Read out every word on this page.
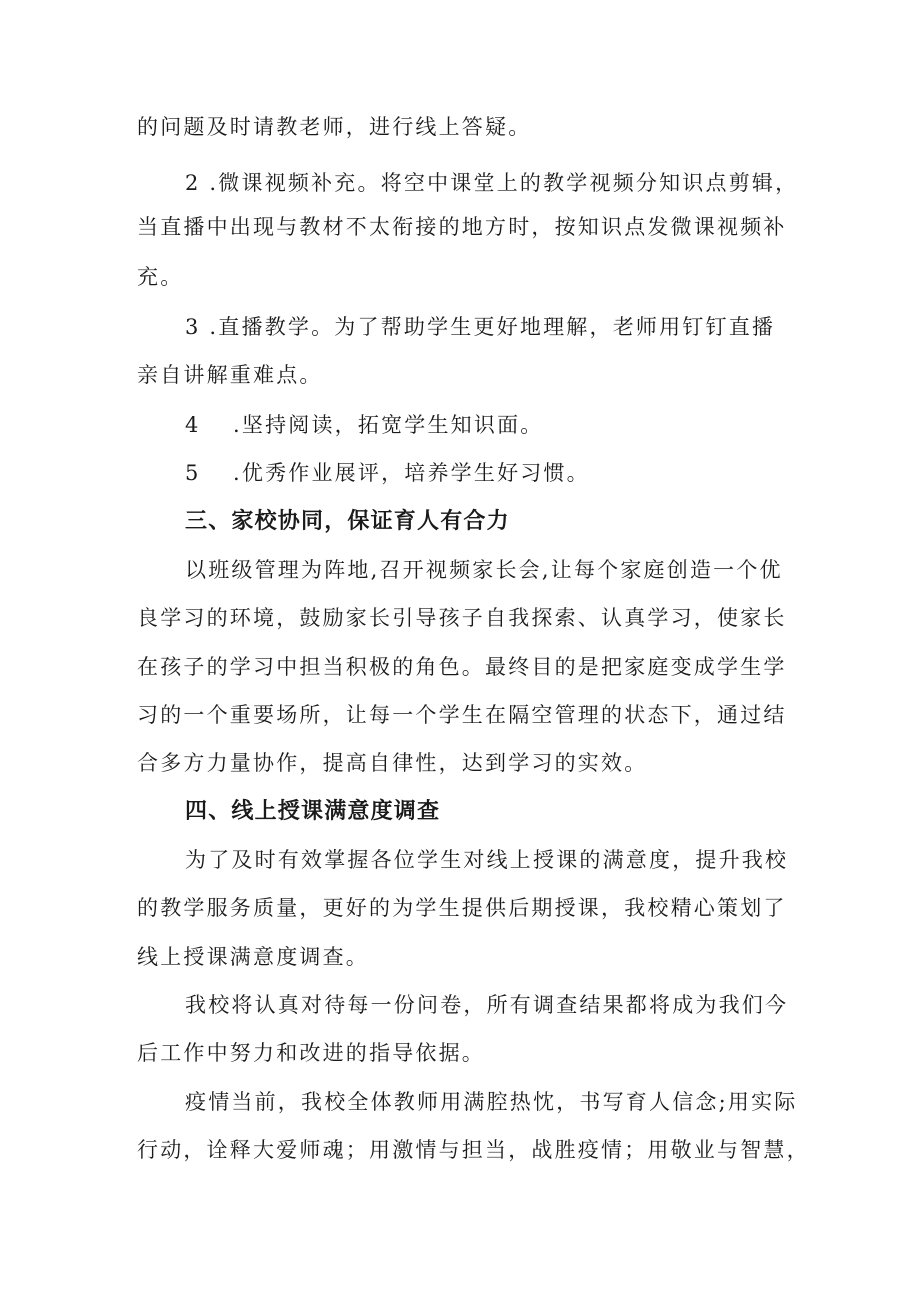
的问题及时请教老师，进行线上答疑。
2 .微课视频补充。将空中课堂上的教学视频分知识点剪辑，
当直播中出现与教材不太衔接的地方时，按知识点发微课视频补
充。
3 .直播教学。为了帮助学生更好地理解，老师用钉钉直播
亲自讲解重难点。
4 .坚持阅读，拓宽学生知识面。
5 .优秀作业展评，培养学生好习惯。
三、家校协同，保证育人有合力
以班级管理为阵地,召开视频家长会,让每个家庭创造一个优
良学习的环境，鼓励家长引导孩子自我探索、认真学习，使家长
在孩子的学习中担当积极的角色。最终目的是把家庭变成学生学
习的一个重要场所，让每一个学生在隔空管理的状态下，通过结
合多方力量协作，提高自律性，达到学习的实效。
四、线上授课满意度调查
为了及时有效掌握各位学生对线上授课的满意度，提升我校
的教学服务质量，更好的为学生提供后期授课，我校精心策划了
线上授课满意度调查。
我校将认真对待每一份问卷，所有调查结果都将成为我们今
后工作中努力和改进的指导依据。
疫情当前，我校全体教师用满腔热忱，书写育人信念;用实际
行动，诠释大爱师魂；用激情与担当，战胜疫情；用敬业与智慧，
